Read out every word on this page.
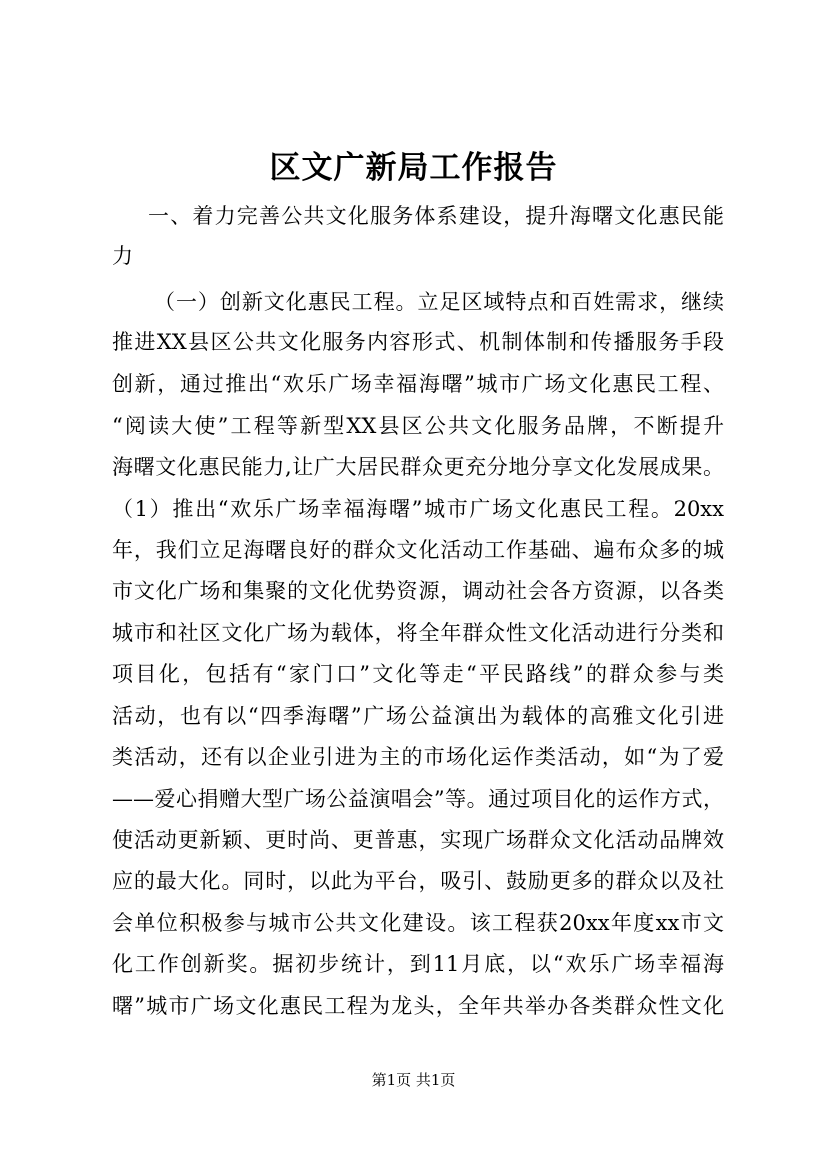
区文广新局工作报告
一、着力完善公共文化服务体系建设，提升海曙文化惠民能
力
（一）创新文化惠民工程。立足区域特点和百姓需求，继续
推进XX县区公共文化服务内容形式、机制体制和传播服务手段
创新，通过推出“欢乐广场幸福海曙”城市广场文化惠民工程、
“阅读大使”工程等新型XX县区公共文化服务品牌，不断提升
海曙文化惠民能力,让广大居民群众更充分地分享文化发展成果。
（1）推出“欢乐广场幸福海曙”城市广场文化惠民工程。20xx
年，我们立足海曙良好的群众文化活动工作基础、遍布众多的城
市文化广场和集聚的文化优势资源，调动社会各方资源，以各类
城市和社区文化广场为载体，将全年群众性文化活动进行分类和
项目化，包括有“家门口”文化等走“平民路线”的群众参与类
活动，也有以“四季海曙”广场公益演出为载体的高雅文化引进
类活动，还有以企业引进为主的市场化运作类活动，如“为了爱
——爱心捐赠大型广场公益演唱会”等。通过项目化的运作方式，
使活动更新颖、更时尚、更普惠，实现广场群众文化活动品牌效
应的最大化。同时，以此为平台，吸引、鼓励更多的群众以及社
会单位积极参与城市公共文化建设。该工程获20xx年度xx市文
化工作创新奖。据初步统计，到11月底，以“欢乐广场幸福海
曙”城市广场文化惠民工程为龙头，全年共举办各类群众性文化
第1页 共1页
